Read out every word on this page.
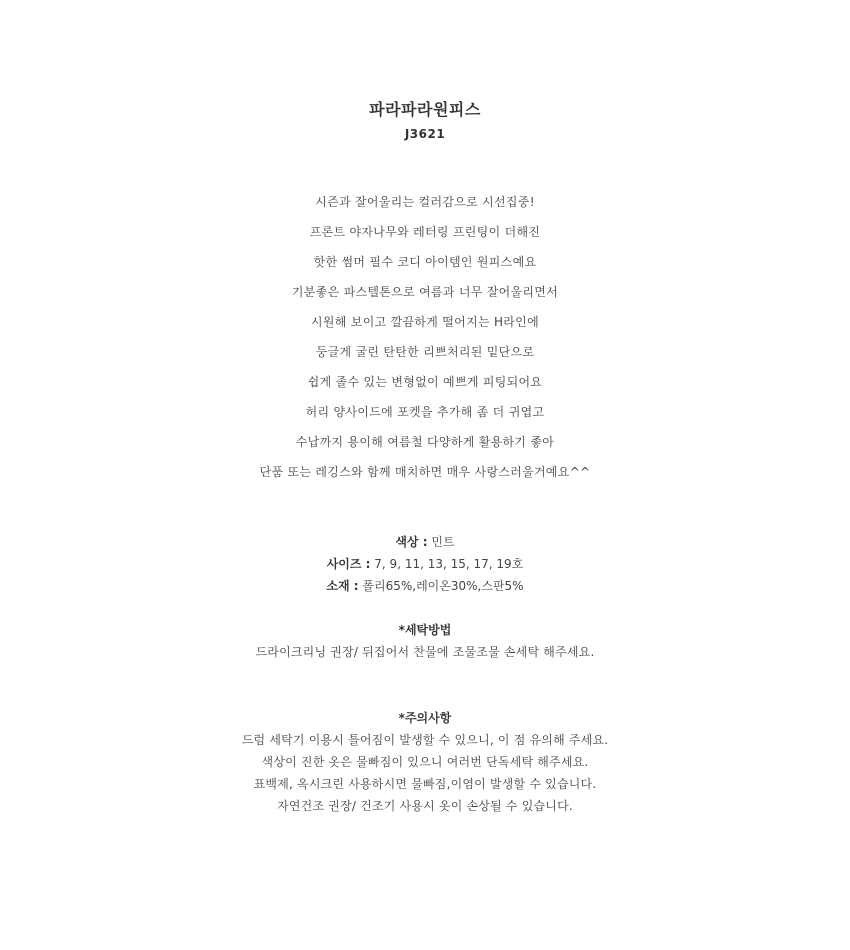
파라파라원피스
J3621
시즌과 잘어울리는 컬러감으로 시선집중!
프론트 야자나무와 레터링 프린팅이 더해진
핫한 썸머 필수 코디 아이템인 원피스예요
기분좋은 파스텔톤으로 여름과 너무 잘어울리면서
시원해 보이고 깔끔하게 떨어지는 H라인에
둥글게 굴린 탄탄한 리쁘처리된 밑단으로
쉽게 졸수 있는 변형없이 예쁘게 피팅되어요
허리 양사이드에 포켓을 추가해 좀 더 귀엽고
수납까지 용이해 여름철 다양하게 활용하기 좋아
단품 또는 레깅스와 함께 매치하면 매우 사랑스러울거예요^^
색상 : 민트
사이즈 : 7, 9, 11, 13, 15, 17, 19호
소재 : 폴리65%,레이온30%,스판5%
*세탁방법
드라이크리닝 권장/ 뒤집어서 찬물에 조물조물 손세탁 해주세요.
*주의사항
드럼 세탁기 이용시 틀어짐이 발생할 수 있으니, 이 점 유의해 주세요.
색상이 진한 옷은 물빠짐이 있으니 여러번 단독세탁 해주세요.
표백제, 옥시크린 사용하시면 물빠짐,이염이 발생할 수 있습니다.
자연건조 권장/ 건조기 사용시 옷이 손상될 수 있습니다.
